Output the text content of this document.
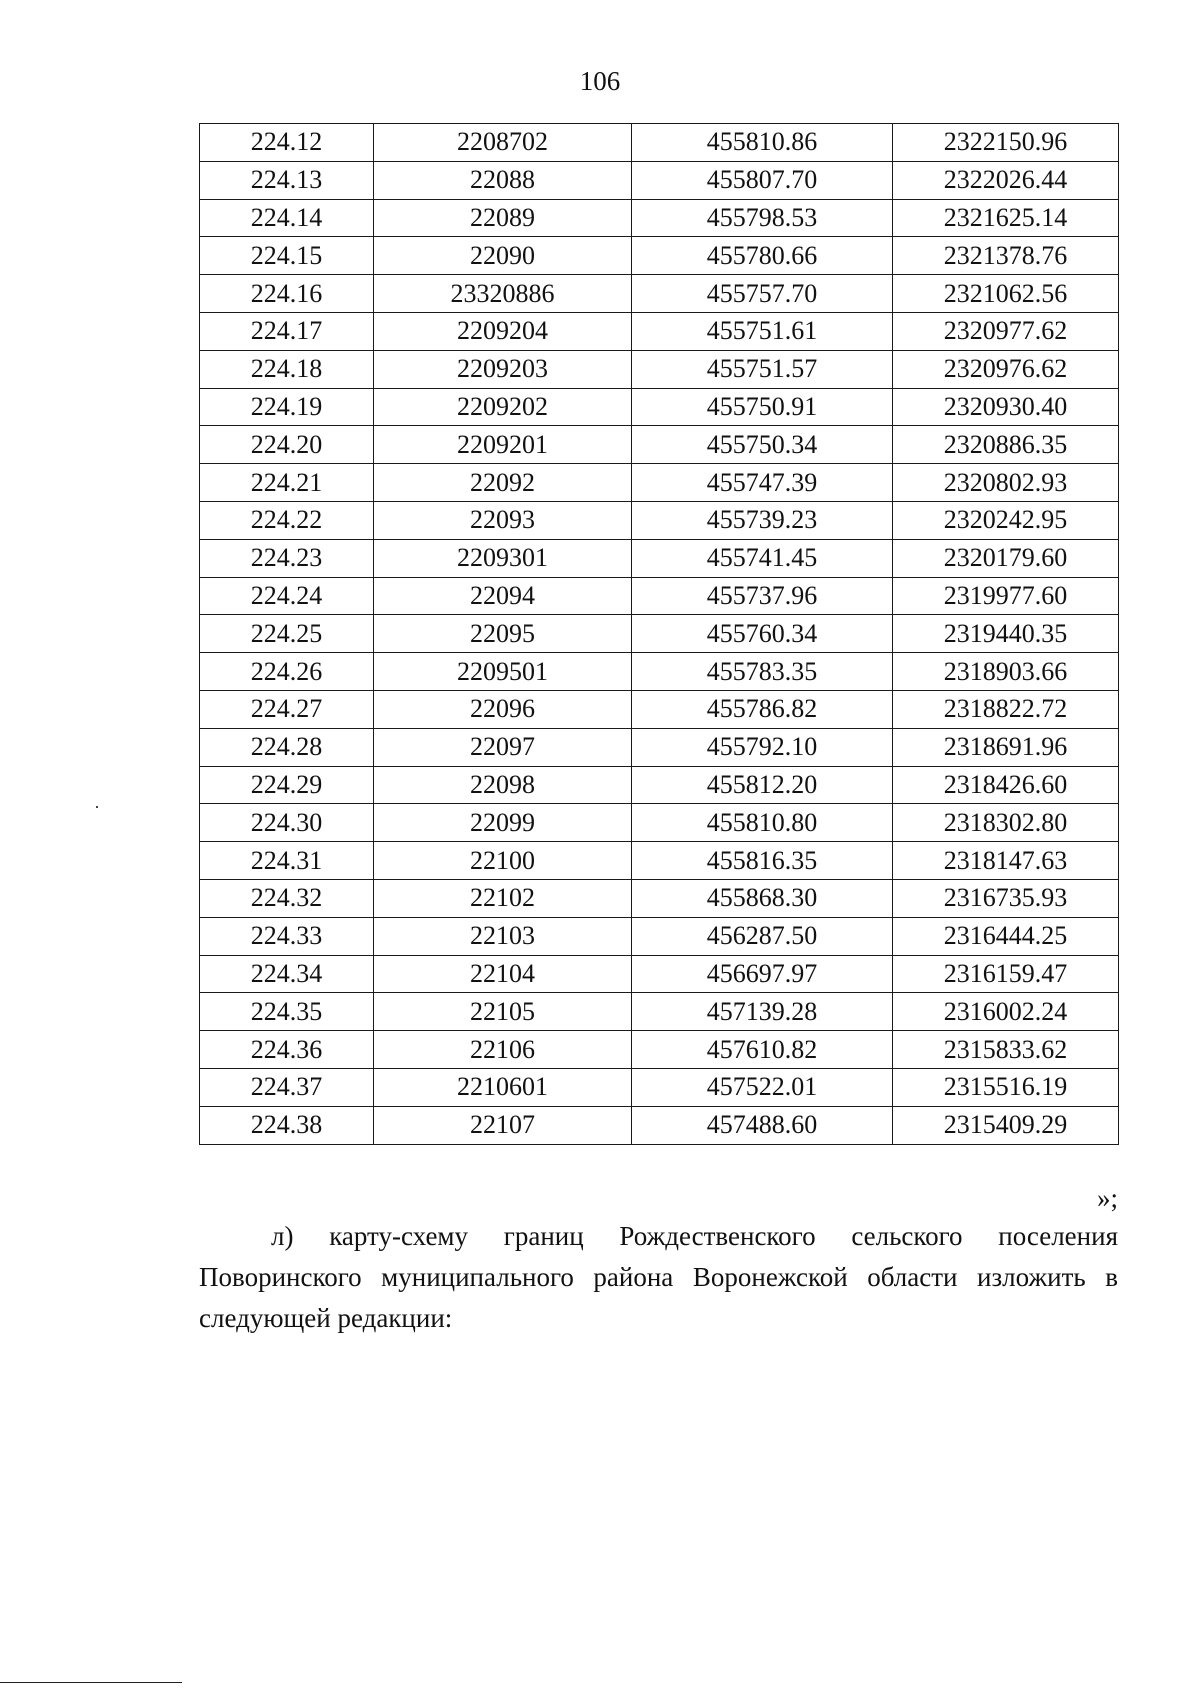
106
224.12	2208702	455810.86	2322150.96
224.13	22088	455807.70	2322026.44
224.14	22089	455798.53	2321625.14
224.15	22090	455780.66	2321378.76
224.16	23320886	455757.70	2321062.56
224.17	2209204	455751.61	2320977.62
224.18	2209203	455751.57	2320976.62
224.19	2209202	455750.91	2320930.40
224.20	2209201	455750.34	2320886.35
224.21	22092	455747.39	2320802.93
224.22	22093	455739.23	2320242.95
224.23	2209301	455741.45	2320179.60
224.24	22094	455737.96	2319977.60
224.25	22095	455760.34	2319440.35
224.26	2209501	455783.35	2318903.66
224.27	22096	455786.82	2318822.72
224.28	22097	455792.10	2318691.96
224.29	22098	455812.20	2318426.60
224.30	22099	455810.80	2318302.80
224.31	22100	455816.35	2318147.63
224.32	22102	455868.30	2316735.93
224.33	22103	456287.50	2316444.25
224.34	22104	456697.97	2316159.47
224.35	22105	457139.28	2316002.24
224.36	22106	457610.82	2315833.62
224.37	2210601	457522.01	2315516.19
224.38	22107	457488.60	2315409.29
»;
л) карту-схему границ Рождественского сельского поселения Поворинского муниципального района Воронежской области изложить в следующей редакции:
